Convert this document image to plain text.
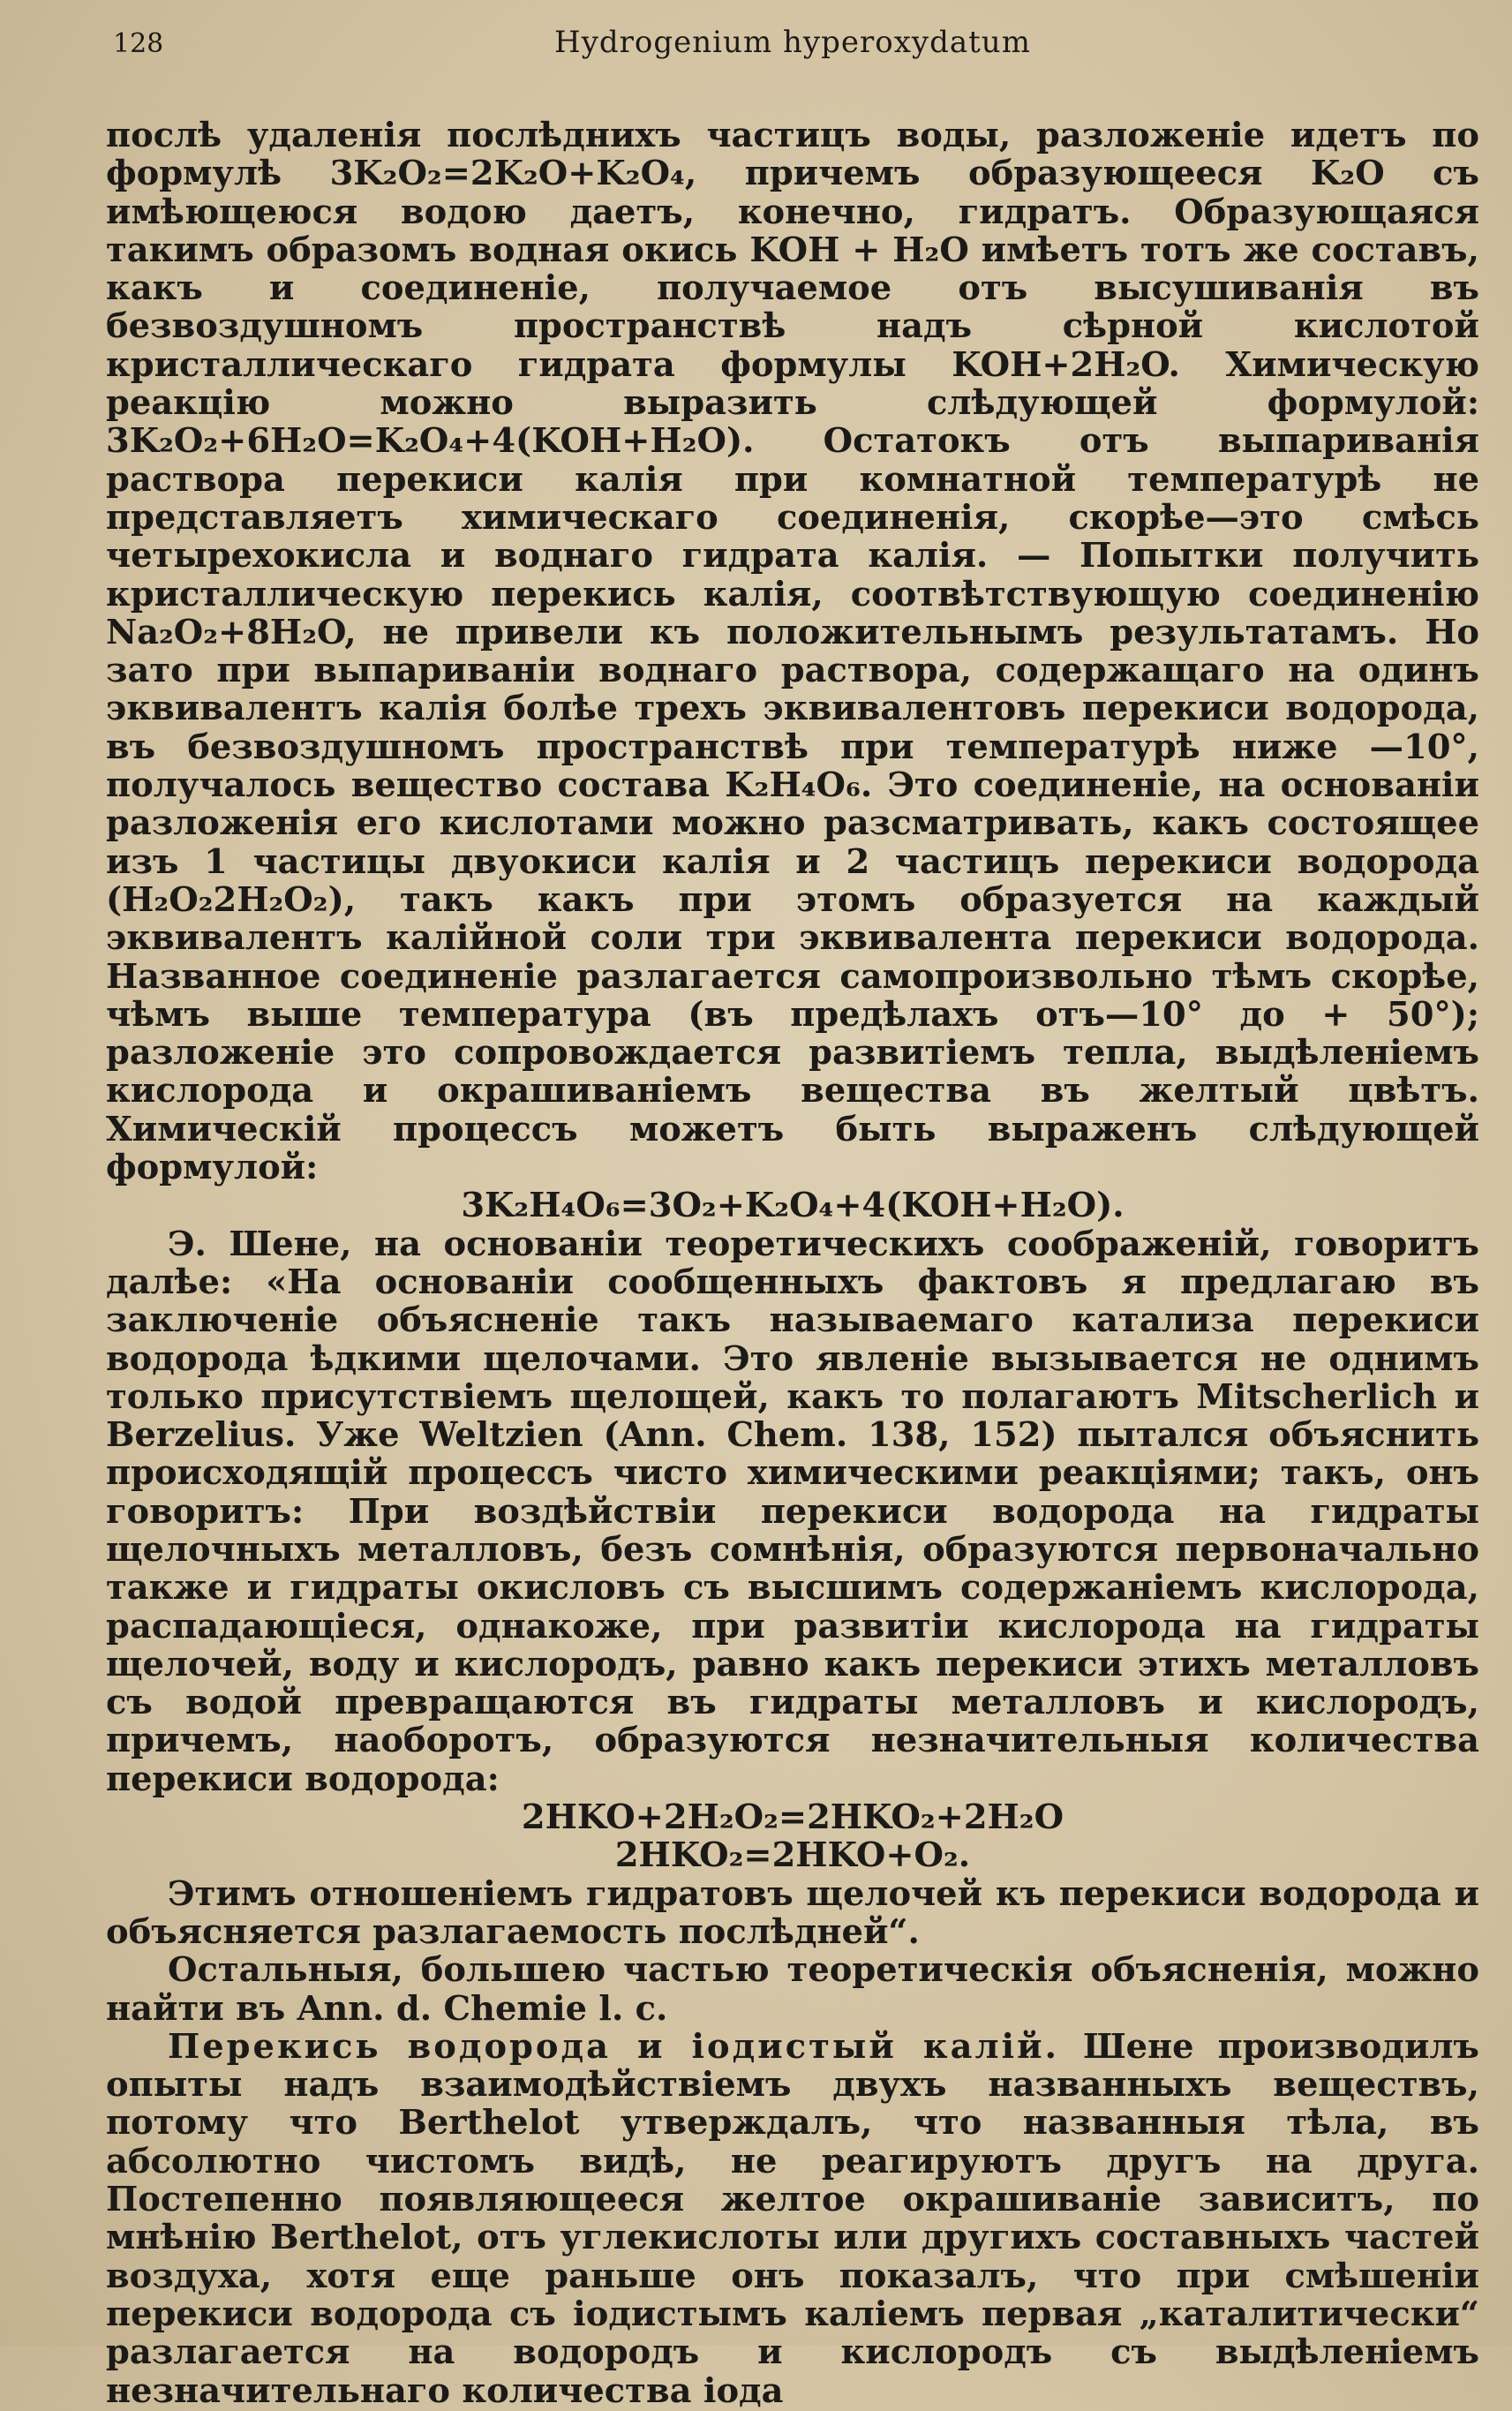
128	Hydrogenium hyperoxydatum

послѣ удаленія послѣднихъ частицъ воды, разложеніе идетъ по формулѣ 3K₂O₂=2K₂O+K₂O₄, причемъ образующееся K₂O съ имѣющеюся водою даетъ, конечно, гидратъ. Образующаяся такимъ образомъ водная окись KOH + H₂O имѣетъ тотъ же составъ, какъ и соединеніе, получаемое отъ высушиванія въ безвоздушномъ пространствѣ надъ сѣрной кислотой кристаллическаго гидрата формулы KOH+2H₂O. Химическую реакцію можно выразить слѣдующей формулой: 3K₂O₂+6H₂O=K₂O₄+4(KOH+H₂O). Остатокъ отъ выпариванія раствора перекиси калія при комнатной температурѣ не представляетъ химическаго соединенія, скорѣе—это смѣсь четырехокисла и воднаго гидрата калія. — Попытки получить кристаллическую перекись калія, соотвѣтствующую соединенію Na₂O₂+8H₂O, не привели къ положительнымъ результатамъ. Но зато при выпариваніи воднаго раствора, содержащаго на одинъ эквивалентъ калія болѣе трехъ эквивалентовъ перекиси водорода, въ безвоздушномъ пространствѣ при температурѣ ниже —10°, получалось вещество состава K₂H₄O₆. Это соединеніе, на основаніи разложенія его кислотами можно разсматривать, какъ состоящее изъ 1 частицы двуокиси калія и 2 частицъ перекиси водорода (H₂O₂2H₂O₂), такъ какъ при этомъ образуется на каждый эквивалентъ калійной соли три эквивалента перекиси водорода. Названное соединеніе разлагается самопроизвольно тѣмъ скорѣе, чѣмъ выше температура (въ предѣлахъ отъ—10° до + 50°); разложеніе это сопровождается развитіемъ тепла, выдѣленіемъ кислорода и окрашиваніемъ вещества въ желтый цвѣтъ. Химическій процессъ можетъ быть выраженъ слѣдующей формулой:

3K₂H₄O₆=3O₂+K₂O₄+4(KOH+H₂O).

Э. Шене, на основаніи теоретическихъ соображеній, говоритъ далѣе: «На основаніи сообщенныхъ фактовъ я предлагаю въ заключеніе объясненіе такъ называемаго катализа перекиси водорода ѣдкими щелочами. Это явленіе вызывается не однимъ только присутствіемъ щелощей, какъ то полагаютъ Mitscherlich и Berzelius. Уже Weltzien (Ann. Chem. 138, 152) пытался объяснить происходящій процессъ чисто химическими реакціями; такъ, онъ говоритъ: При воздѣйствіи перекиси водорода на гидраты щелочныхъ металловъ, безъ сомнѣнія, образуются первоначально также и гидраты окисловъ съ высшимъ содержаніемъ кислорода, распадающіеся, однакоже, при развитіи кислорода на гидраты щелочей, воду и кислородъ, равно какъ перекиси этихъ металловъ съ водой превращаются въ гидраты металловъ и кислородъ, причемъ, наоборотъ, образуются незначительныя количества перекиси водорода:

2HKO+2H₂O₂=2HKO₂+2H₂O

2HKO₂=2HKO+O₂.

Этимъ отношеніемъ гидратовъ щелочей къ перекиси водорода и объясняется разлагаемость послѣдней“.

Остальныя, большею частью теоретическія объясненія, можно найти въ Ann. d. Chemie l. c.

Перекись водорода и іодистый калій. Шене производилъ опыты надъ взаимодѣйствіемъ двухъ названныхъ веществъ, потому что Berthelot утверждалъ, что названныя тѣла, въ абсолютно чистомъ видѣ, не реагируютъ другъ на друга. Постепенно появляющееся желтое окрашиваніе зависитъ, по мнѣнію Berthelot, отъ углекислоты или другихъ составныхъ частей воздуха, хотя еще раньше онъ показалъ, что при смѣшеніи перекиси водорода съ іодистымъ каліемъ первая „каталитически“ разлагается на водородъ и кислородъ съ выдѣленіемъ незначительнаго количества іода
